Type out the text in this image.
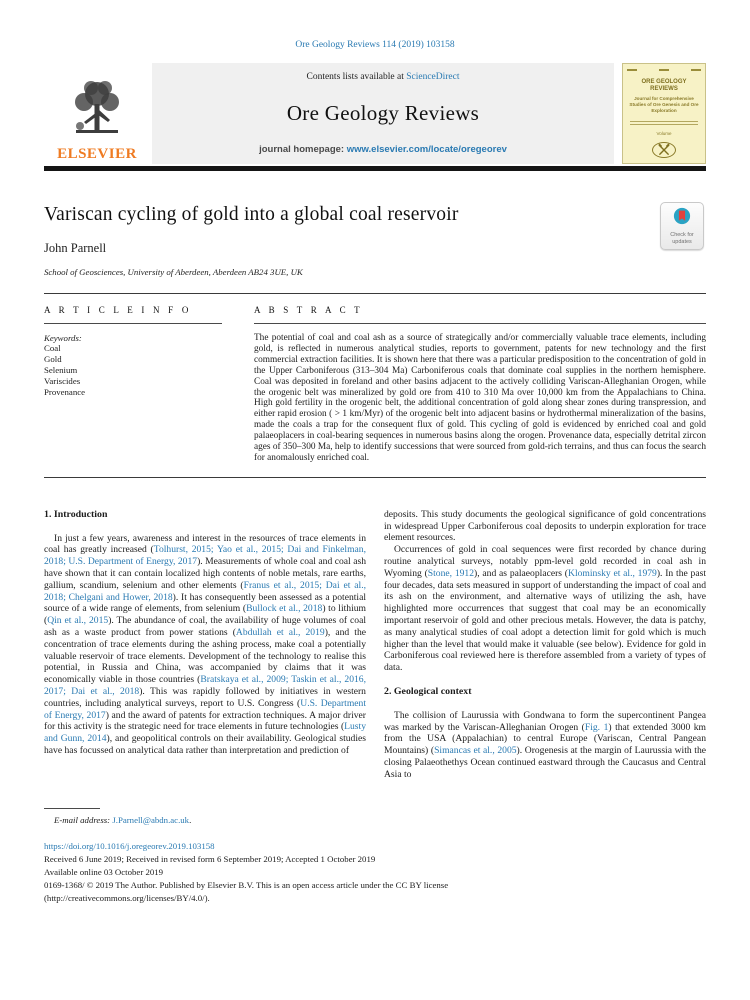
Ore Geology Reviews 114 (2019) 103158
ELSEVIER
Contents lists available at ScienceDirect
Ore Geology Reviews
journal homepage: www.elsevier.com/locate/oregeorev
ORE GEOLOGY REVIEWS
Journal for Comprehensive Studies of Ore Genesis and Ore Exploration
Volume
Variscan cycling of gold into a global coal reservoir
John Parnell
School of Geosciences, University of Aberdeen, Aberdeen AB24 3UE, UK
Check for updates
A R T I C L E I N F O
Keywords:
Coal
Gold
Selenium
Variscides
Provenance
A B S T R A C T
The potential of coal and coal ash as a source of strategically and/or commercially valuable trace elements, including gold, is reflected in numerous analytical studies, reports to government, patents for new technology and the first commercial extraction facilities. It is shown here that there was a particular predisposition to the concentration of gold in the Upper Carboniferous (313–304 Ma) Carboniferous coals that dominate coal supplies in the northern hemisphere. Coal was deposited in foreland and other basins adjacent to the actively colliding Variscan-Alleghanian Orogen, while the orogenic belt was mineralized by gold ore from 410 to 310 Ma over 10,000 km from the Appalachians to China. High gold fertility in the orogenic belt, the additional concentration of gold along shear zones during transpression, and either rapid erosion ( > 1 km/Myr) of the orogenic belt into adjacent basins or hydrothermal mineralization of the basins, made the coals a trap for the consequent flux of gold. This cycling of gold is evidenced by enriched coal and gold palaeoplacers in coal-bearing sequences in numerous basins along the orogen. Provenance data, especially detrital zircon ages of 350–300 Ma, help to identify successions that were sourced from gold-rich terrains, and thus can focus the search for anomalously enriched coal.
1. Introduction

In just a few years, awareness and interest in the resources of trace elements in coal has greatly increased (Tolhurst, 2015; Yao et al., 2015; Dai and Finkelman, 2018; U.S. Department of Energy, 2017). Measurements of whole coal and coal ash have shown that it can contain localized high contents of noble metals, rare earths, gallium, scandium, selenium and other elements (Franus et al., 2015; Dai et al., 2018; Chelgani and Hower, 2018). It has consequently been assessed as a potential source of a wide range of elements, from selenium (Bullock et al., 2018) to lithium (Qin et al., 2015). The abundance of coal, the availability of huge volumes of coal ash as a waste product from power stations (Abdullah et al., 2019), and the concentration of trace elements during the ashing process, make coal a potentially valuable reservoir of trace elements. Development of the technology to realise this potential, in Russia and China, was accompanied by claims that it was economically viable in those countries (Bratskaya et al., 2009; Taskin et al., 2016, 2017; Dai et al., 2018). This was rapidly followed by initiatives in western countries, including analytical surveys, report to U.S. Congress (U.S. Department of Energy, 2017) and the award of patents for extraction techniques. A major driver for this activity is the strategic need for trace elements in future technologies (Lusty and Gunn, 2014), and geopolitical controls on their availability. Geological studies have has focussed on analytical data rather than interpretation and prediction of

deposits. This study documents the geological significance of gold concentrations in widespread Upper Carboniferous coal deposits to underpin exploration for trace element resources.

Occurrences of gold in coal sequences were first recorded by chance during routine analytical surveys, notably ppm-level gold recorded in coal ash in Wyoming (Stone, 1912), and as palaeoplacers (Klominsky et al., 1979). In the past four decades, data sets measured in support of understanding the impact of coal and its ash on the environment, and alternative ways of utilizing the ash, have highlighted more occurrences that suggest that coal may be an economically important reservoir of gold and other precious metals. However, the data is patchy, as many analytical studies of coal adopt a detection limit for gold which is much higher than the level that would make it valuable (see below). Evidence for gold in Carboniferous coal reviewed here is therefore assembled from a variety of types of data.

2. Geological context

The collision of Laurussia with Gondwana to form the supercontinent Pangea was marked by the Variscan-Alleghanian Orogen (Fig. 1) that extended 3000 km from the USA (Appalachian) to central Europe (Variscan, Central Pangean Mountains) (Simancas et al., 2005). Orogenesis at the margin of Laurussia with the closing Palaeothethys Ocean continued eastward through the Caucasus and Central Asia to

E-mail address: J.Parnell@abdn.ac.uk.
https://doi.org/10.1016/j.oregeorev.2019.103158
Received 6 June 2019; Received in revised form 6 September 2019; Accepted 1 October 2019
Available online 03 October 2019
0169-1368/ © 2019 The Author. Published by Elsevier B.V. This is an open access article under the CC BY license
(http://creativecommons.org/licenses/BY/4.0/).
